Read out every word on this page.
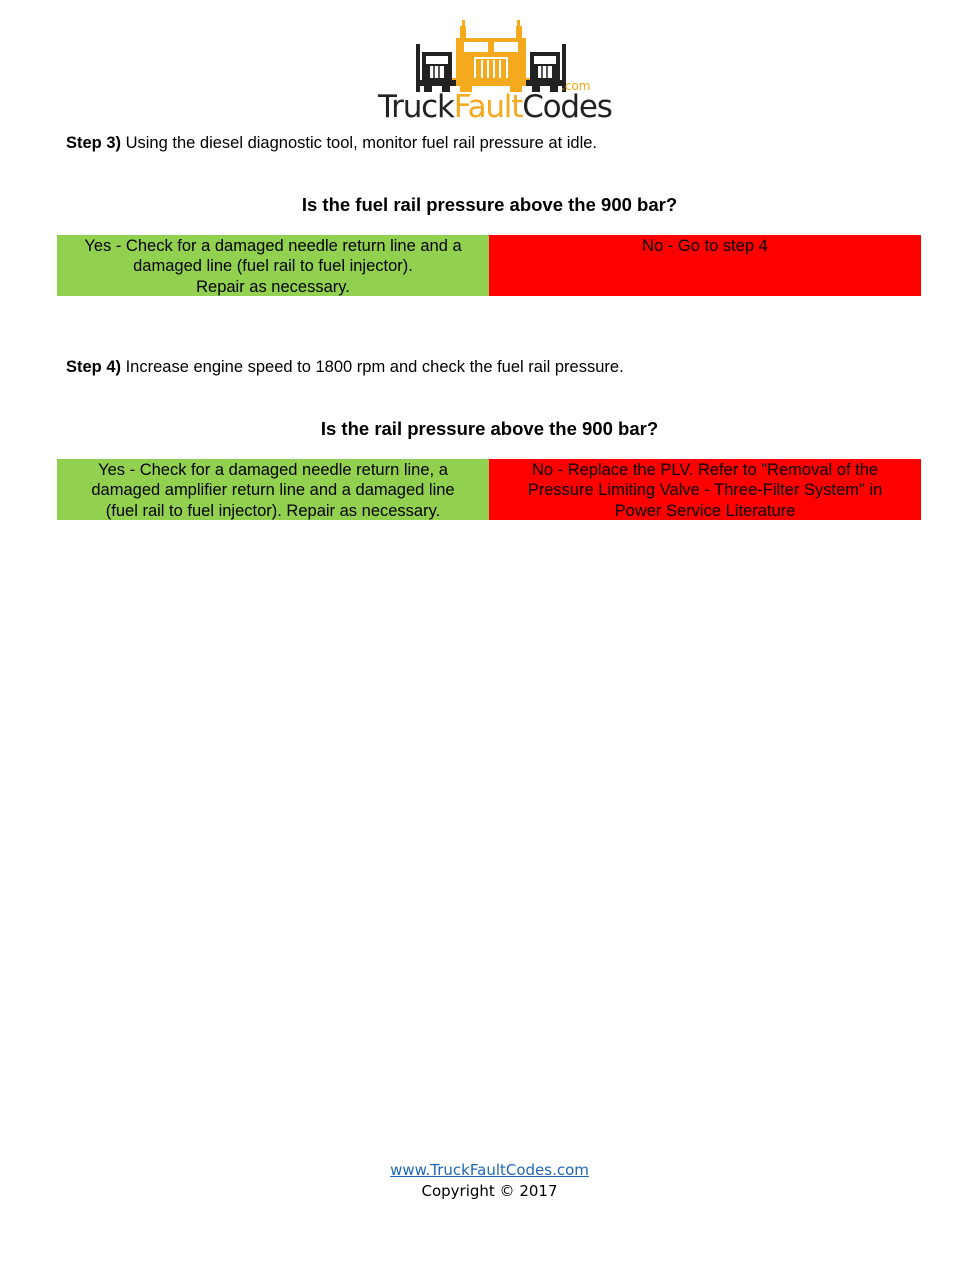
.com
TruckFaultCodes
Step 3) Using the diesel diagnostic tool, monitor fuel rail pressure at idle.
Is the fuel rail pressure above the 900 bar?
Yes - Check for a damaged needle return line and a
damaged line (fuel rail to fuel injector).
Repair as necessary.
No - Go to step 4
Step 4) Increase engine speed to 1800 rpm and check the fuel rail pressure.
Is the rail pressure above the 900 bar?
Yes - Check for a damaged needle return line, a
damaged amplifier return line and a damaged line
(fuel rail to fuel injector). Repair as necessary.
No - Replace the PLV. Refer to "Removal of the
Pressure Limiting Valve - Three-Filter System" in
Power Service Literature
www.TruckFaultCodes.com
Copyright © 2017
